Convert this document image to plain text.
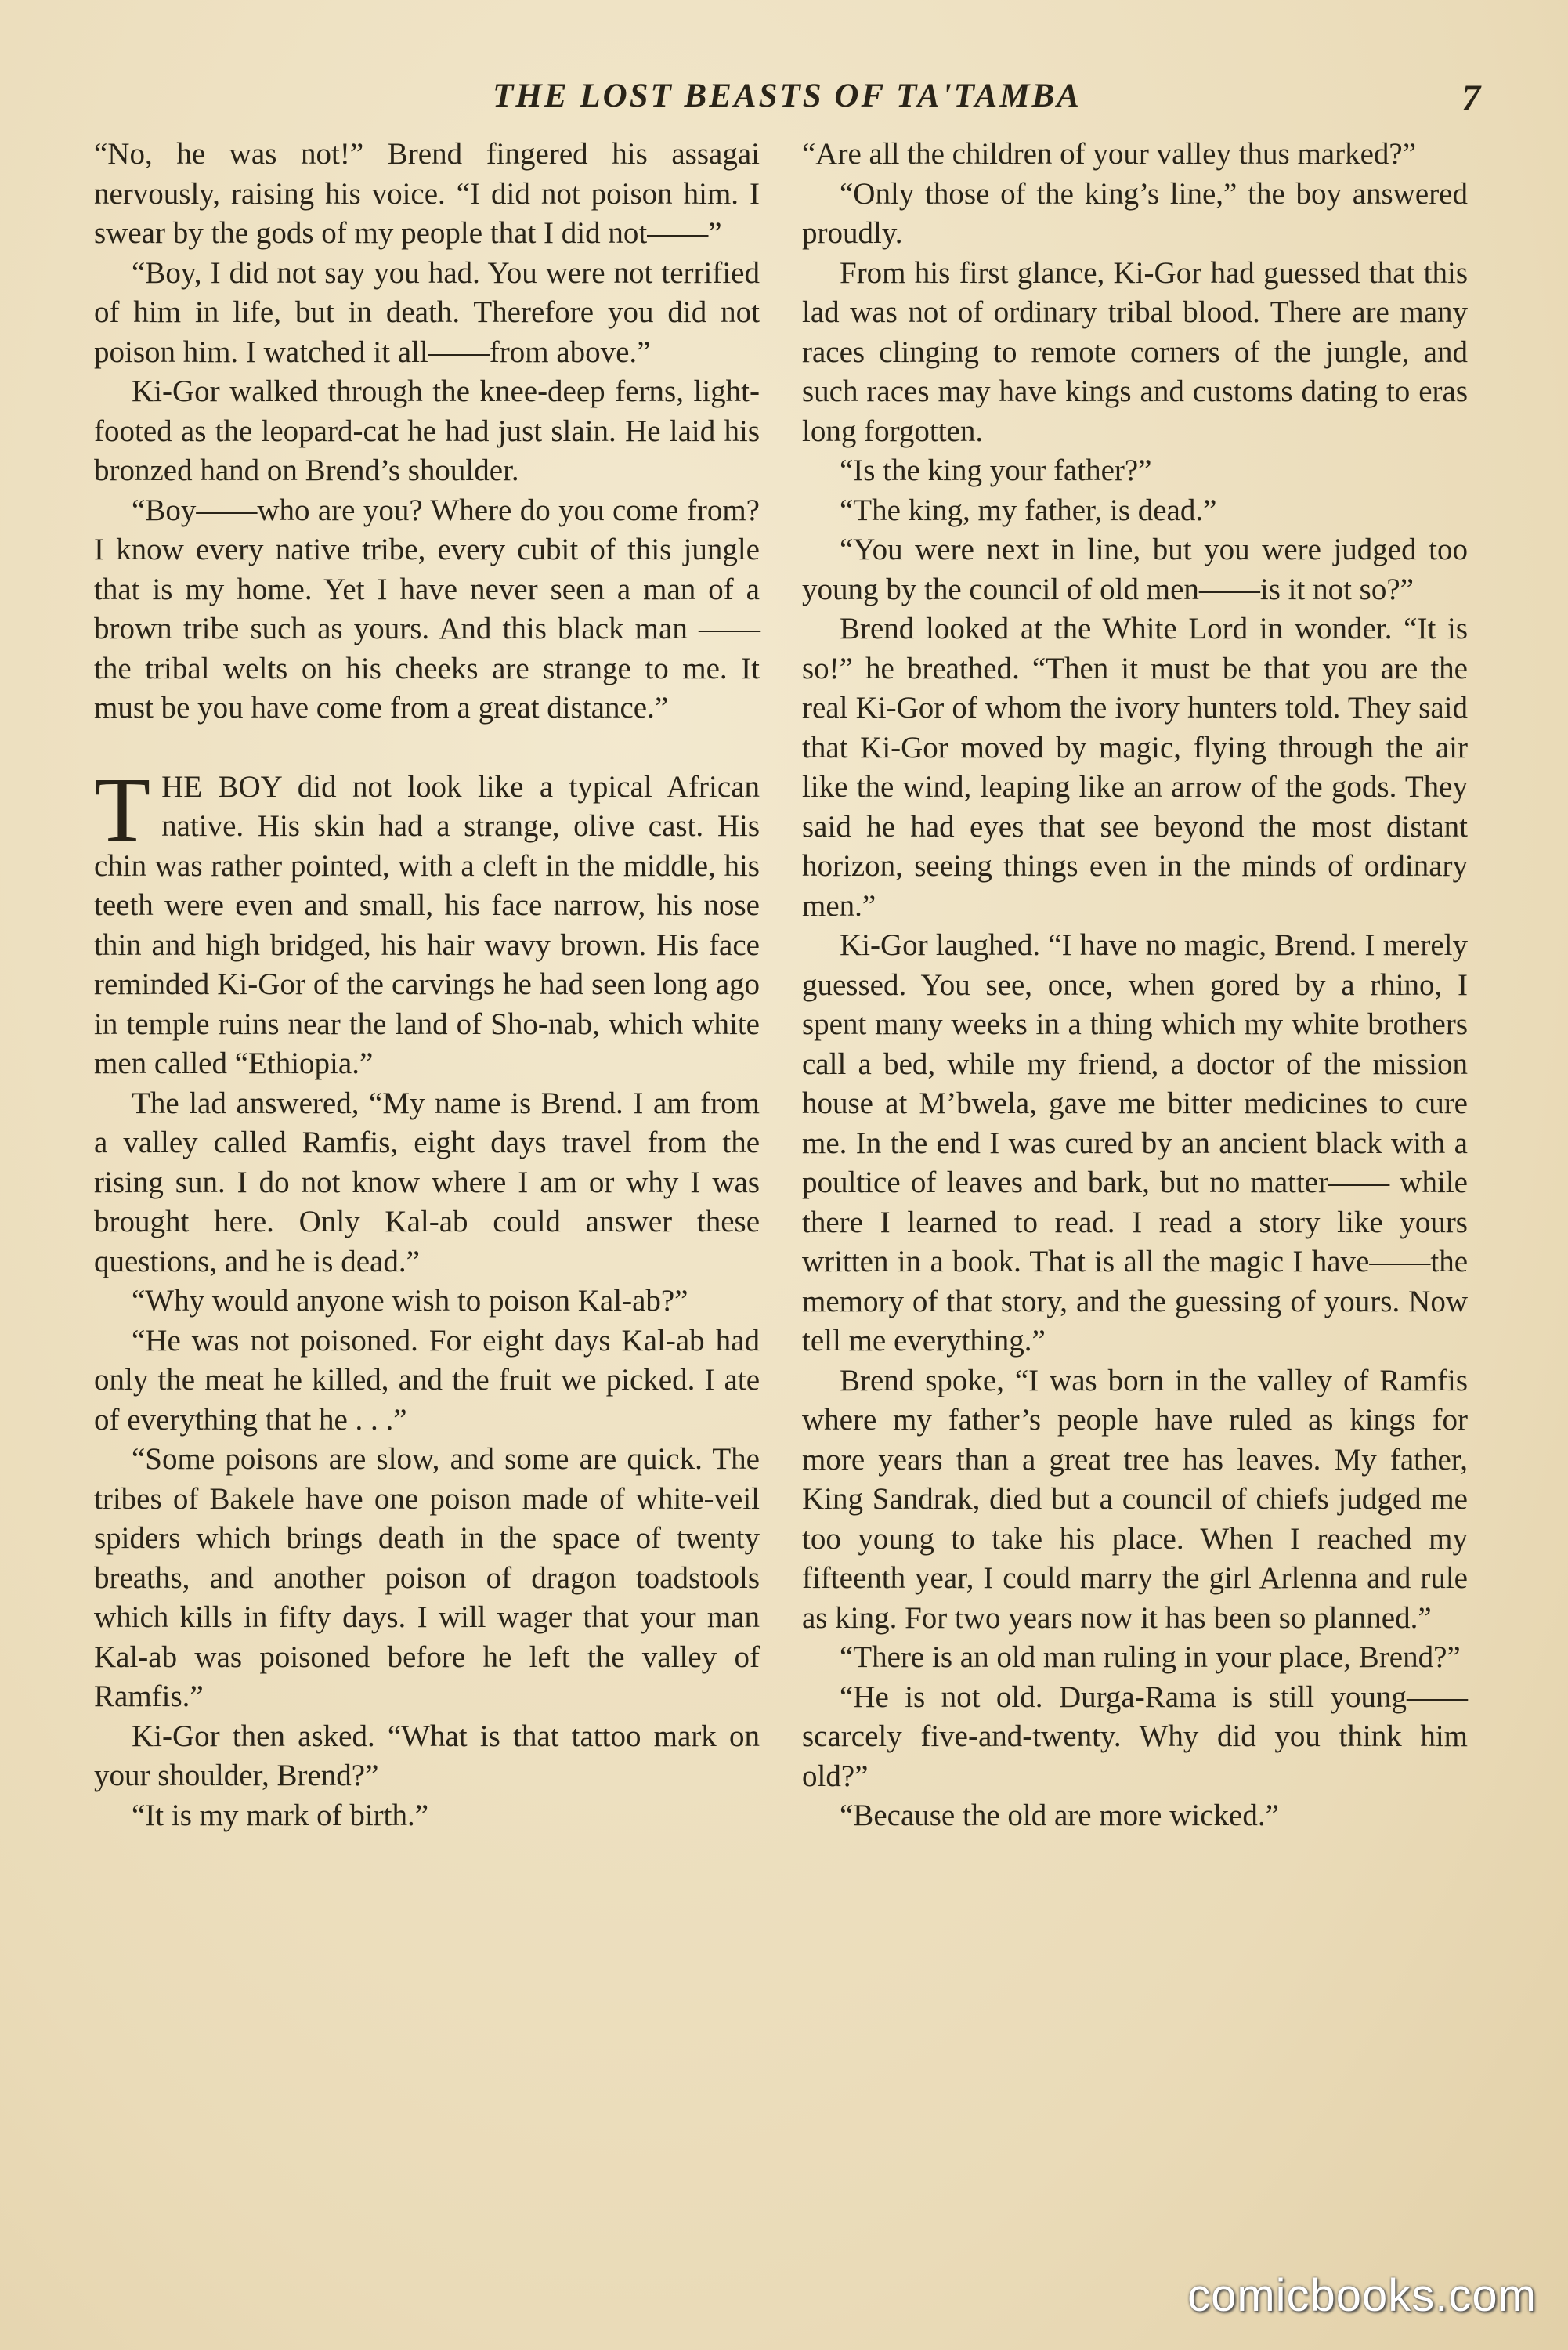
THE LOST BEASTS OF TA'TAMBA	7

“No, he was not!” Brend fingered his assagai nervously, raising his voice. “I did not poison him. I swear by the gods of my people that I did not——”

“Boy, I did not say you had. You were not terrified of him in life, but in death. Therefore you did not poison him. I watched it all——from above.”

Ki-Gor walked through the knee-deep ferns, light-footed as the leopard-cat he had just slain. He laid his bronzed hand on Brend’s shoulder.

“Boy——who are you? Where do you come from? I know every native tribe, every cubit of this jungle that is my home. Yet I have never seen a man of a brown tribe such as yours. And this black man ——the tribal welts on his cheeks are strange to me. It must be you have come from a great distance.”

THE BOY did not look like a typical African native. His skin had a strange, olive cast. His chin was rather pointed, with a cleft in the middle, his teeth were even and small, his face narrow, his nose thin and high bridged, his hair wavy brown. His face reminded Ki-Gor of the carvings he had seen long ago in temple ruins near the land of Sho-nab, which white men called “Ethiopia.”

The lad answered, “My name is Brend. I am from a valley called Ramfis, eight days travel from the rising sun. I do not know where I am or why I was brought here. Only Kal-ab could answer these questions, and he is dead.”

“Why would anyone wish to poison Kal-ab?”

“He was not poisoned. For eight days Kal-ab had only the meat he killed, and the fruit we picked. I ate of everything that he . . .”

“Some poisons are slow, and some are quick. The tribes of Bakele have one poison made of white-veil spiders which brings death in the space of twenty breaths, and another poison of dragon toadstools which kills in fifty days. I will wager that your man Kal-ab was poisoned before he left the valley of Ramfis.”

Ki-Gor then asked. “What is that tattoo mark on your shoulder, Brend?”

“It is my mark of birth.”

“Are all the children of your valley thus marked?”

“Only those of the king’s line,” the boy answered proudly.

From his first glance, Ki-Gor had guessed that this lad was not of ordinary tribal blood. There are many races clinging to remote corners of the jungle, and such races may have kings and customs dating to eras long forgotten.

“Is the king your father?”

“The king, my father, is dead.”

“You were next in line, but you were judged too young by the council of old men——is it not so?”

Brend looked at the White Lord in wonder. “It is so!” he breathed. “Then it must be that you are the real Ki-Gor of whom the ivory hunters told. They said that Ki-Gor moved by magic, flying through the air like the wind, leaping like an arrow of the gods. They said he had eyes that see beyond the most distant horizon, seeing things even in the minds of ordinary men.”

Ki-Gor laughed. “I have no magic, Brend. I merely guessed. You see, once, when gored by a rhino, I spent many weeks in a thing which my white brothers call a bed, while my friend, a doctor of the mission house at M’bwela, gave me bitter medicines to cure me. In the end I was cured by an ancient black with a poultice of leaves and bark, but no matter—— while there I learned to read. I read a story like yours written in a book. That is all the magic I have——the memory of that story, and the guessing of yours. Now tell me everything.”

Brend spoke, “I was born in the valley of Ramfis where my father’s people have ruled as kings for more years than a great tree has leaves. My father, King Sandrak, died but a council of chiefs judged me too young to take his place. When I reached my fifteenth year, I could marry the girl Arlenna and rule as king. For two years now it has been so planned.”

“There is an old man ruling in your place, Brend?”

“He is not old. Durga-Rama is still young——scarcely five-and-twenty. Why did you think him old?”

“Because the old are more wicked.”

comicbooks.com
